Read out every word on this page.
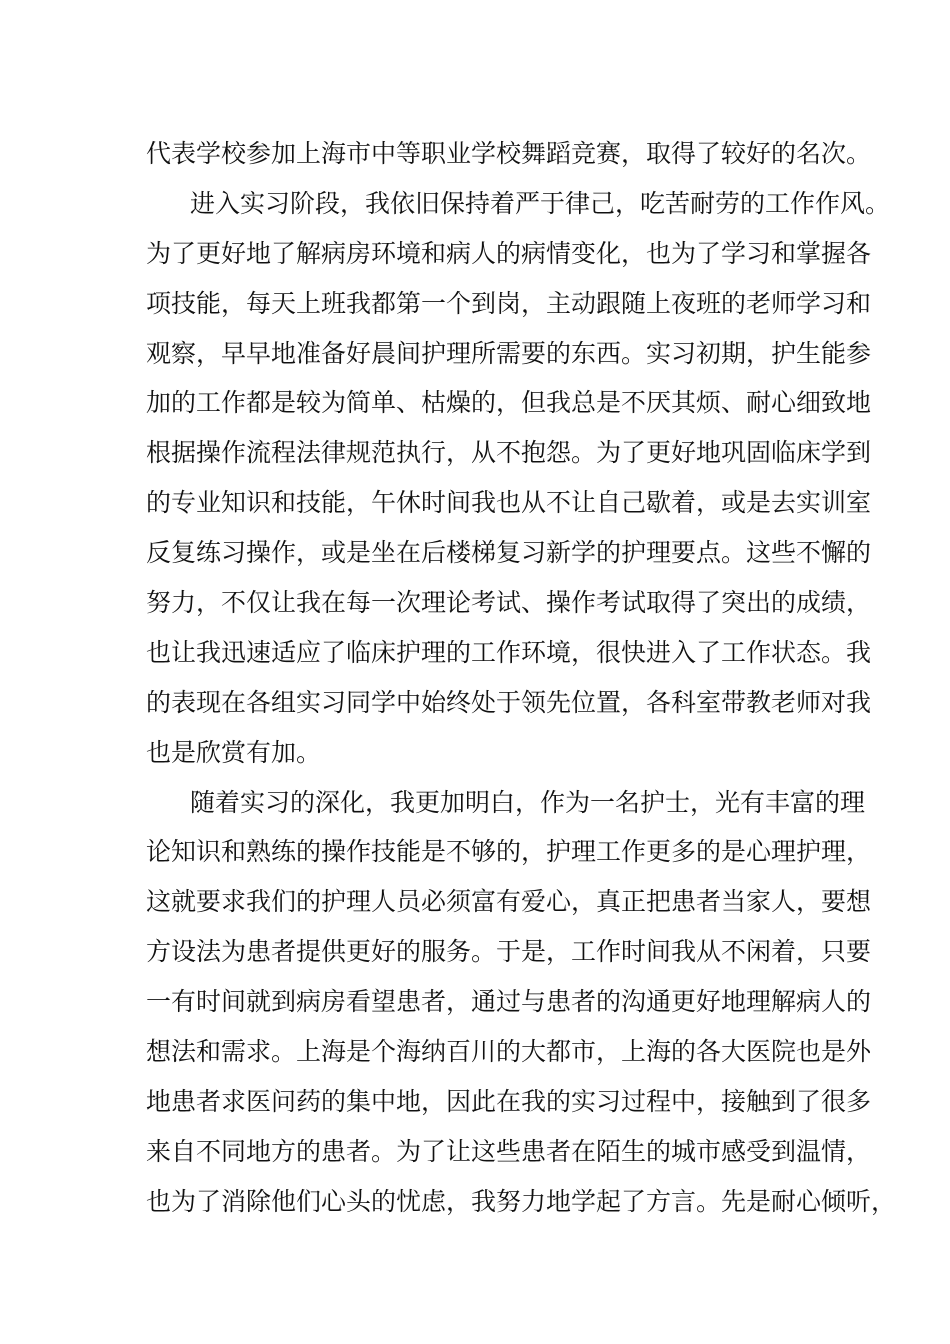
代表学校参加上海市中等职业学校舞蹈竞赛，取得了较好的名次。
进入实习阶段，我依旧保持着严于律己，吃苦耐劳的工作作风。
为了更好地了解病房环境和病人的病情变化，也为了学习和掌握各
项技能，每天上班我都第一个到岗，主动跟随上夜班的老师学习和
观察，早早地准备好晨间护理所需要的东西。实习初期，护生能参
加的工作都是较为简单、枯燥的，但我总是不厌其烦、耐心细致地
根据操作流程法律规范执行，从不抱怨。为了更好地巩固临床学到
的专业知识和技能，午休时间我也从不让自己歇着，或是去实训室
反复练习操作，或是坐在后楼梯复习新学的护理要点。这些不懈的
努力，不仅让我在每一次理论考试、操作考试取得了突出的成绩，
也让我迅速适应了临床护理的工作环境，很快进入了工作状态。我
的表现在各组实习同学中始终处于领先位置，各科室带教老师对我
也是欣赏有加。
随着实习的深化，我更加明白，作为一名护士，光有丰富的理
论知识和熟练的操作技能是不够的，护理工作更多的是心理护理，
这就要求我们的护理人员必须富有爱心，真正把患者当家人，要想
方设法为患者提供更好的服务。于是，工作时间我从不闲着，只要
一有时间就到病房看望患者，通过与患者的沟通更好地理解病人的
想法和需求。上海是个海纳百川的大都市，上海的各大医院也是外
地患者求医问药的集中地，因此在我的实习过程中，接触到了很多
来自不同地方的患者。为了让这些患者在陌生的城市感受到温情，
也为了消除他们心头的忧虑，我努力地学起了方言。先是耐心倾听，
